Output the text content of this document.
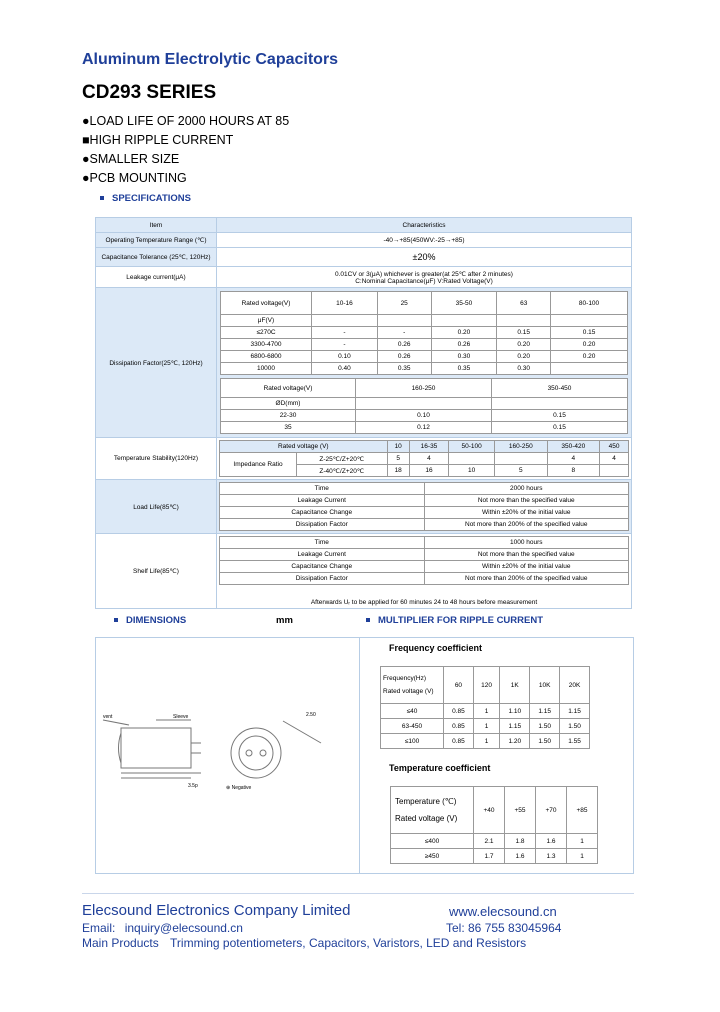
Aluminum Electrolytic Capacitors
CD293 SERIES
●LOAD LIFE OF 2000 HOURS AT 85
■HIGH RIPPLE CURRENT
●SMALLER SIZE
●PCB MOUNTING
SPECIFICATIONS
Item	Characteristics
Operating Temperature Range (℃)	-40→+85(450WV:-25→+85)
Capacitance Tolerance (25℃, 120Hz)	±20%
Leakage current(μA)	0.01CV or 3(μA) whichever is greater(at 25℃ after 2 minutes)
C:Nominal Capacitance(μF) V:Rated Voltage(V)

Dissipation Factor(25℃, 120Hz)	
Rated voltage(V)	10-16	25	35-50	63	80-100
μF(V)					
≤270C	-	-	0.20	0.15	0.15
3300-4700	-	0.26	0.26	0.20	0.20
6800-6800	0.10	0.26	0.30	0.20	0.20
10000	0.40	0.35	0.35	0.30	
Rated voltage(V)	160-250	350-450
ØD(mm)		
22-30	0.10	0.15
35	0.12	0.15

Temperature Stability(120Hz)	
Rated voltage (V)	10	16-35	50-100	160-250	350-420	450
Impedance Ratio	Z-25℃/Z+20℃	5	4			4	4
Z-40℃/Z+20℃	18	16	10	5	8	

Load Life(85℃)	
Time	2000 hours
Leakage Current	Not more than the specified value
Capacitance Change	Within ±20% of the initial value
Dissipation Factor	Not more than 200% of the specified value

Shelf Life(85℃)	
Time	1000 hours
Leakage Current	Not more than the specified value
Capacitance Change	Within ±20% of the initial value
Dissipation Factor	Not more than 200% of the specified value
Afterwards Uᵣ to be applied for 60 minutes 24 to 48 hours before measurement
DIMENSIONS	mm	MULTIPLIER FOR RIPPLE CURRENT
vent	Sleeve
3.5p
2.50
⊕ Negative
Frequency coefficient
Frequency(Hz)
Rated voltage (V)	60	120	1K	10K	20K
≤40	0.85	1	1.10	1.15	1.15
63-450	0.85	1	1.15	1.50	1.50
≤100	0.85	1	1.20	1.50	1.55
Temperature coefficient
Temperature (℃)
Rated voltage (V)	+40	+55	+70	+85
≤400	2.1	1.8	1.6	1
≥450	1.7	1.6	1.3	1
Elecsound Electronics Company Limited	www.elecsound.cn
Email: inquiry@elecsound.cn	Tel: 86 755 83045964
Main Products Trimming potentiometers, Capacitors, Varistors, LED and Resistors
